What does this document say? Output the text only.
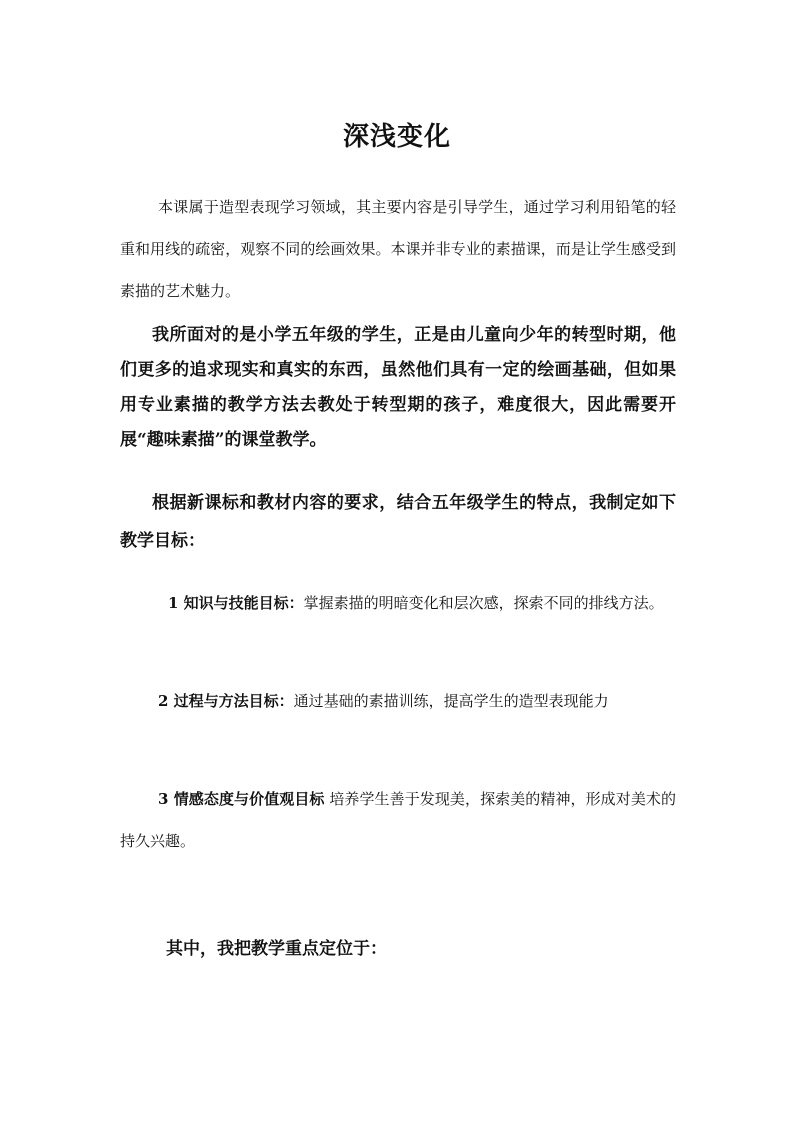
深浅变化

本课属于造型表现学习领域，其主要内容是引导学生，通过学习利用铅笔的轻重和用线的疏密，观察不同的绘画效果。本课并非专业的素描课，而是让学生感受到素描的艺术魅力。

我所面对的是小学五年级的学生，正是由儿童向少年的转型时期，他们更多的追求现实和真实的东西，虽然他们具有一定的绘画基础，但如果用专业素描的教学方法去教处于转型期的孩子，难度很大，因此需要开展“趣味素描”的课堂教学。

根据新课标和教材内容的要求，结合五年级学生的特点，我制定如下教学目标：

1 知识与技能目标：掌握素描的明暗变化和层次感，探索不同的排线方法。

2 过程与方法目标：通过基础的素描训练，提高学生的造型表现能力

3 情感态度与价值观目标 培养学生善于发现美，探索美的精神，形成对美术的持久兴趣。

其中，我把教学重点定位于：
